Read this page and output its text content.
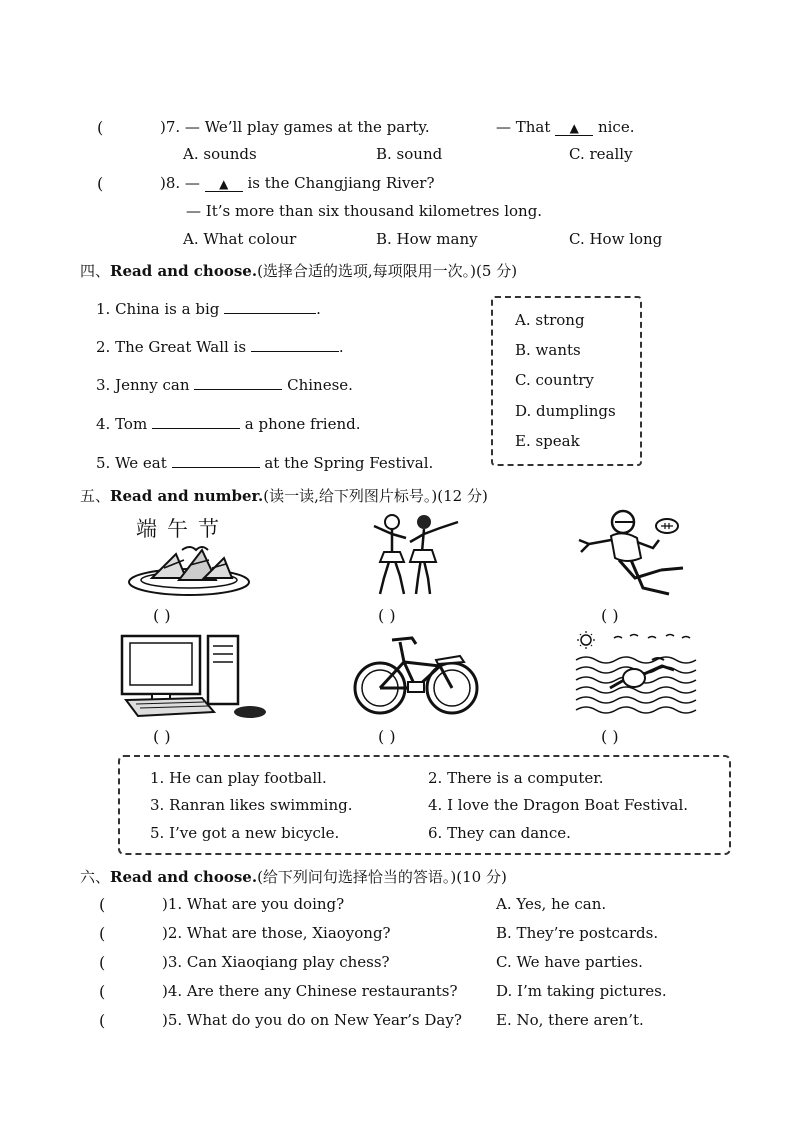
(	)7. — We’ll play games at the party.	— That ▲ nice.
A. sounds	B. sound	C. really
(	)8. — ▲ is the Changjiang River?
— It’s more than six thousand kilometres long.
A. What colour	B. How many	C. How long
四、Read and choose.(选择合适的选项,每项限用一次。)(5 分)
1. China is a big	.
2. The Great Wall is	.
3. Jenny can	Chinese.
4. Tom	a phone friend.
5. We eat	at the Spring Festival.
A. strong
B. wants
C. country
D. dumplings
E. speak
五、Read and number.(读一读,给下列图片标号。)(12 分)
端午节
( )	( )	( )
( )	( )	( )
1. He can play football.	2. There is a computer.
3. Ranran likes swimming.	4. I love the Dragon Boat Festival.
5. I’ve got a new bicycle.	6. They can dance.
六、Read and choose.(给下列问句选择恰当的答语。)(10 分)
(	)1. What are you doing?	A. Yes, he can.
(	)2. What are those, Xiaoyong?	B. They’re postcards.
(	)3. Can Xiaoqiang play chess?	C. We have parties.
(	)4. Are there any Chinese restaurants?	D. I’m taking pictures.
(	)5. What do you do on New Year’s Day? E. No, there aren’t.
